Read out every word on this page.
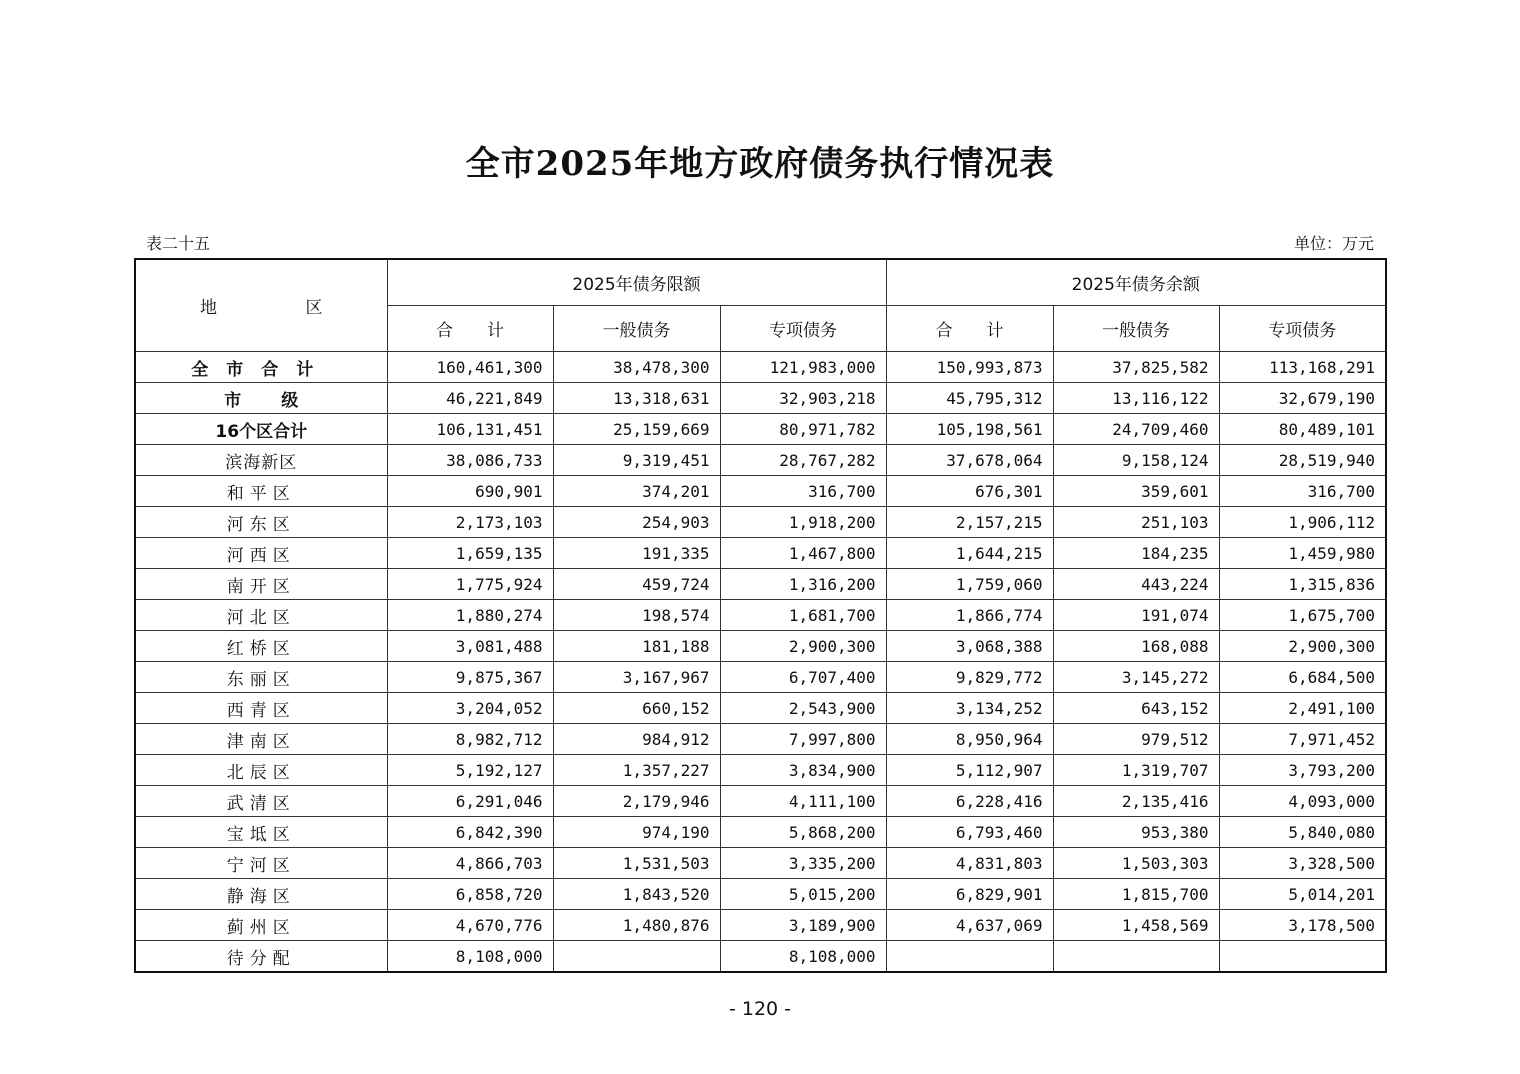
全市2025年地方政府债务执行情况表
表二十五	单位：万元
地 区	2025年债务限额			2025年债务余额		
	合　　计	一般债务	专项债务	合　　计	一般债务	专项债务
全市合计	160,461,300	38,478,300	121,983,000	150,993,873	37,825,582	113,168,291
市级	46,221,849	13,318,631	32,903,218	45,795,312	13,116,122	32,679,190
16个区合计	106,131,451	25,159,669	80,971,782	105,198,561	24,709,460	80,489,101
滨海新区	38,086,733	9,319,451	28,767,282	37,678,064	9,158,124	28,519,940
和平区	690,901	374,201	316,700	676,301	359,601	316,700
河东区	2,173,103	254,903	1,918,200	2,157,215	251,103	1,906,112
河西区	1,659,135	191,335	1,467,800	1,644,215	184,235	1,459,980
南开区	1,775,924	459,724	1,316,200	1,759,060	443,224	1,315,836
河北区	1,880,274	198,574	1,681,700	1,866,774	191,074	1,675,700
红桥区	3,081,488	181,188	2,900,300	3,068,388	168,088	2,900,300
东丽区	9,875,367	3,167,967	6,707,400	9,829,772	3,145,272	6,684,500
西青区	3,204,052	660,152	2,543,900	3,134,252	643,152	2,491,100
津南区	8,982,712	984,912	7,997,800	8,950,964	979,512	7,971,452
北辰区	5,192,127	1,357,227	3,834,900	5,112,907	1,319,707	3,793,200
武清区	6,291,046	2,179,946	4,111,100	6,228,416	2,135,416	4,093,000
宝坻区	6,842,390	974,190	5,868,200	6,793,460	953,380	5,840,080
宁河区	4,866,703	1,531,503	3,335,200	4,831,803	1,503,303	3,328,500
静海区	6,858,720	1,843,520	5,015,200	6,829,901	1,815,700	5,014,201
蓟州区	4,670,776	1,480,876	3,189,900	4,637,069	1,458,569	3,178,500
待分配	8,108,000		8,108,000			
- 120 -
